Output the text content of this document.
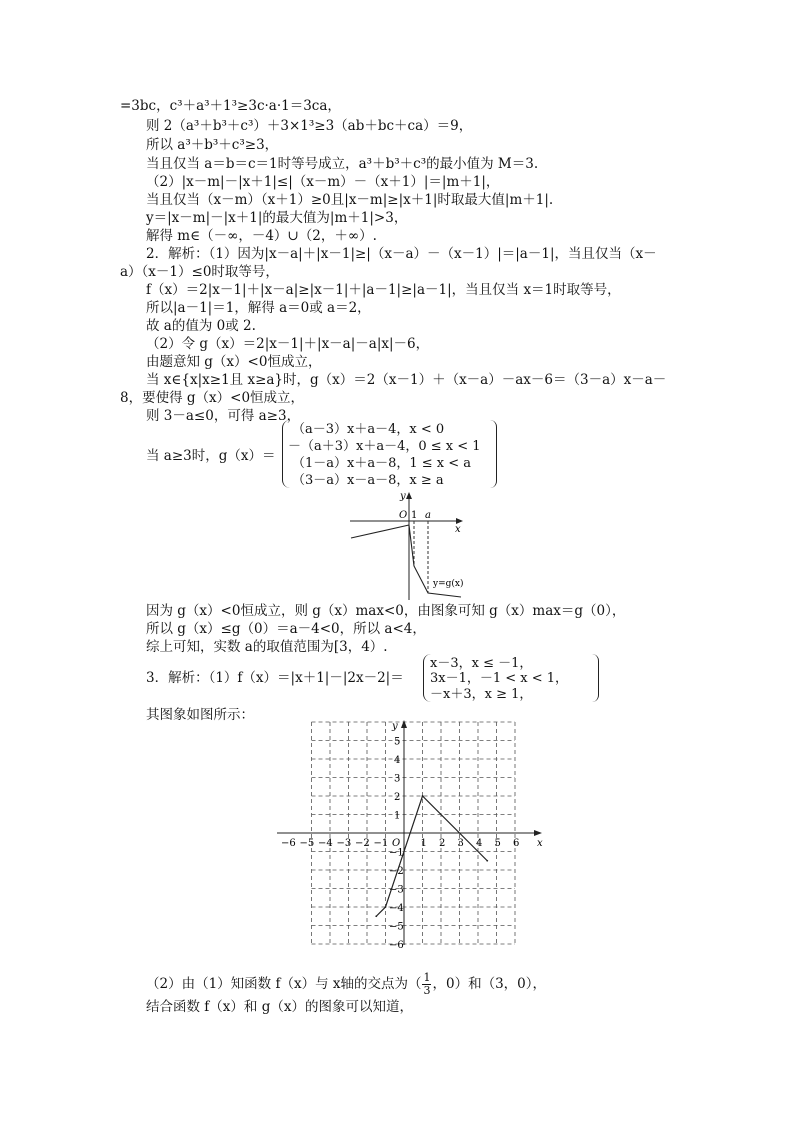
=3bc，c³＋a³＋1³≥3c·a·1＝3ca，
则 2（a³＋b³＋c³）＋3×1³≥3（ab＋bc＋ca）＝9，
所以 a³＋b³＋c³≥3，
当且仅当 a＝b＝c＝1时等号成立，a³＋b³＋c³的最小值为 M＝3.
（2）|x－m|－|x＋1|≤|（x－m）－（x＋1）|＝|m＋1|，
当且仅当（x－m）（x＋1）≥0且|x－m|≥|x＋1|时取最大值|m＋1|.
y＝|x－m|－|x＋1|的最大值为|m＋1|>3，
解得 m∈（－∞，－4）∪（2，＋∞）.
2．解析：（1）因为|x－a|＋|x－1|≥|（x－a）－（x－1）|＝|a－1|，当且仅当（x－
a）（x－1）≤0时取等号，
f（x）＝2|x－1|＋|x－a|≥|x－1|＋|a－1|≥|a－1|，当且仅当 x＝1时取等号，
所以|a－1|＝1，解得 a＝0或 a＝2，
故 a的值为 0或 2.
（2）令 g（x）＝2|x－1|＋|x－a|－a|x|－6，
由题意知 g（x）<0恒成立，
当 x∈{x|x≥1且 x≥a}时，g（x）＝2（x－1）＋（x－a）－ax－6＝（3－a）x－a－
8，要使得 g（x）<0恒成立，
则 3－a≤0，可得 a≥3，
当 a≥3时，g（x）＝
（a－3）x＋a－4，x < 0
－（a＋3）x＋a－4，0 ≤ x < 1
（1－a）x＋a－8，1 ≤ x < a
（3－a）x－a－8，x ≥ a
y
x
O 1 a
y=g(x)
因为 g（x）<0恒成立，则 g（x）max<0，由图象可知 g（x）max＝g（0），
所以 g（x）≤g（0）＝a－4<0，所以 a<4，
综上可知，实数 a的取值范围为[3，4）.
3．解析：（1）f（x）＝|x＋1|－|2x－2|＝
x－3，x ≤ －1，
3x－1，－1 < x < 1，
－x＋3，x ≥ 1，
其图象如图所示：
−6 −5 −4 −3 −2 −1	1 2 3 4 5 6
5
4
3
2
1
−1
−2
−3
−4
−5
−6
x
y
O
（2）由（1）知函数 f（x）与 x轴的交点为（ $\frac{1}{3}$ ，0）和（3，0），
结合函数 f（x）和 g（x）的图象可以知道，
